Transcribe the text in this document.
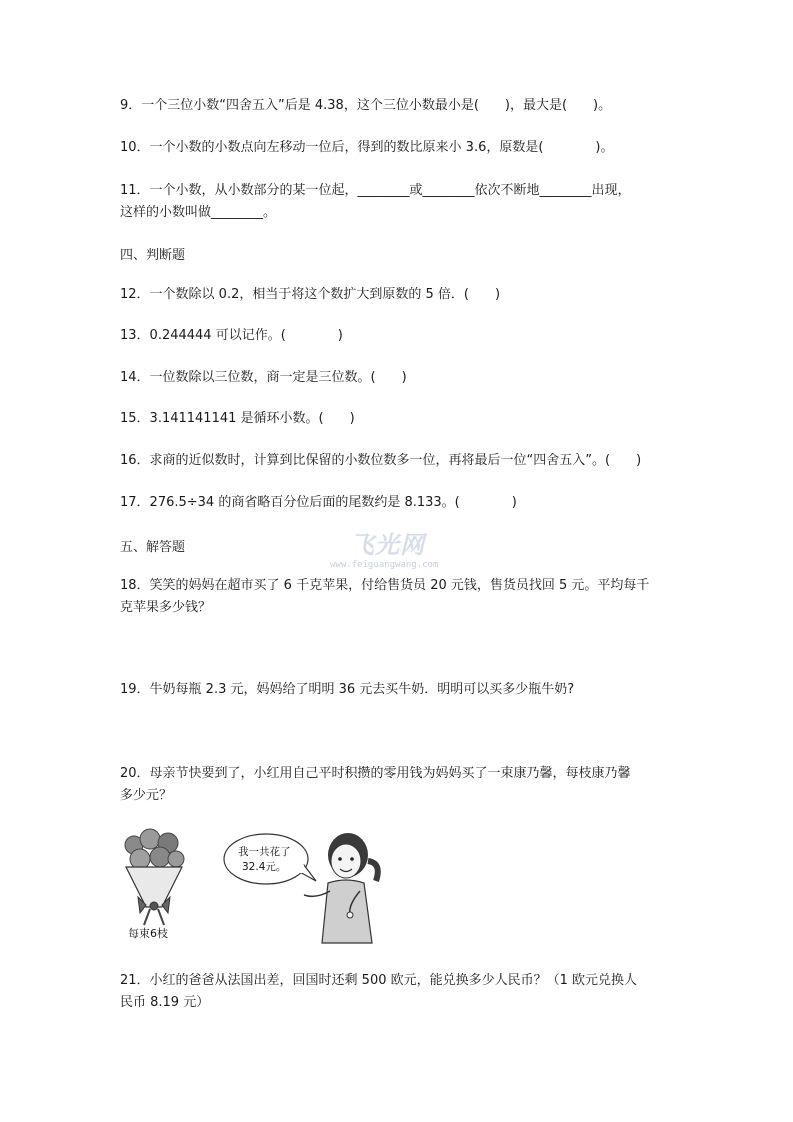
飞光网
www.feiguangwang.com
9．一个三位小数“四舍五入”后是 4.38，这个三位小数最小是(　　)，最大是(　　)。
10．一个小数的小数点向左移动一位后，得到的数比原来小 3.6，原数是(　　　　)。
11．一个小数，从小数部分的某一位起，________或________依次不断地________出现，
这样的小数叫做________。
四、判断题
12．一个数除以 0.2，相当于将这个数扩大到原数的 5 倍．(　　)
13．0.244444 可以记作。(　　　　)
14．一位数除以三位数，商一定是三位数。(　　)
15．3.141141141 是循环小数。(　　)
16．求商的近似数时，计算到比保留的小数位数多一位，再将最后一位“四舍五入”。(　　)
17．276.5÷34 的商省略百分位后面的尾数约是 8.133。(　　　　)
五、解答题
18．笑笑的妈妈在超市买了 6 千克苹果，付给售货员 20 元钱，售货员找回 5 元。平均每千
克苹果多少钱？
19．牛奶每瓶 2.3 元，妈妈给了明明 36 元去买牛奶．明明可以买多少瓶牛奶?
20．母亲节快要到了，小红用自己平时积攒的零用钱为妈妈买了一束康乃馨，每枝康乃馨
多少元？
每束6枝
我一共花了
32.4元。
21．小红的爸爸从法国出差，回国时还剩 500 欧元，能兑换多少人民币？（1 欧元兑换人
民币 8.19 元）
